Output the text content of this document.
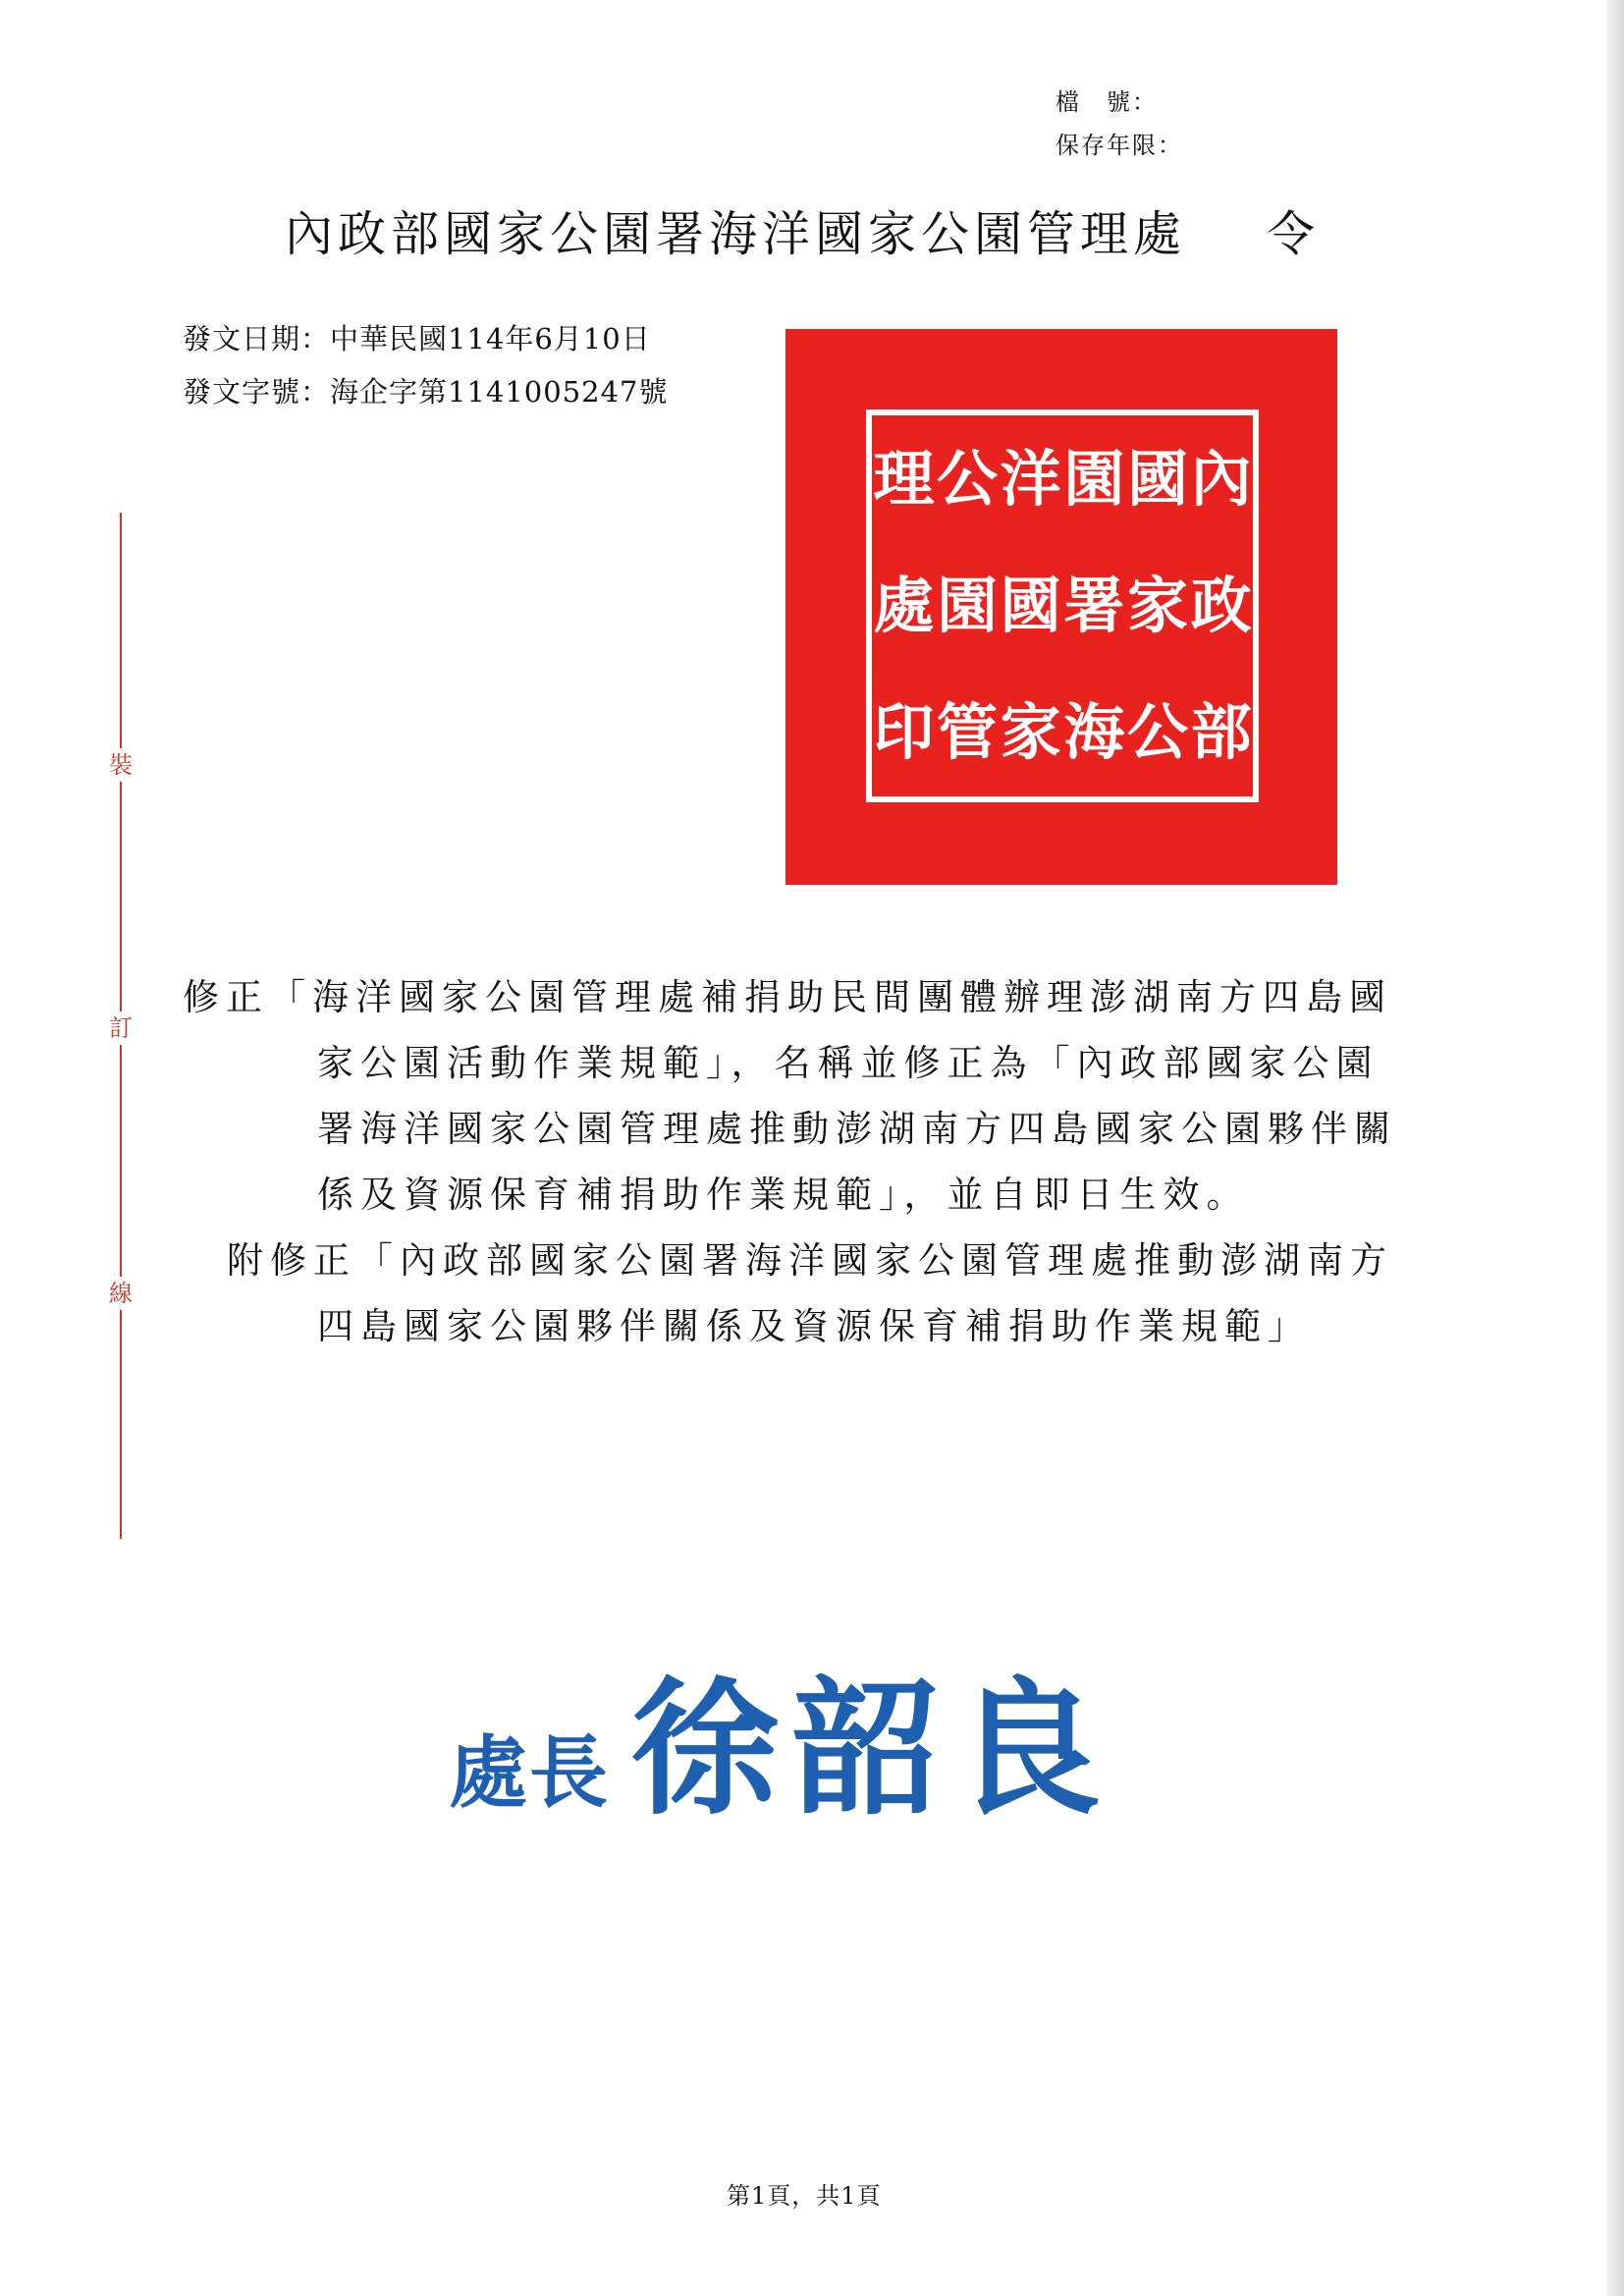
檔　號：
保存年限：
內政部國家公園署海洋國家公園管理處 令
發文日期：中華民國114年6月10日
發文字號：海企字第1141005247號
裝
訂
線
內
政
部
國
家
公
園
署
海
洋
國
家
公
園
管
理
處
印

修正「海洋國家公園管理處補捐助民間團體辦理澎湖南方四島國家公園活動作業規範」，名稱並修正為「內政部國家公園署海洋國家公園管理處推動澎湖南方四島國家公園夥伴關係及資源保育補捐助作業規範」，並自即日生效。

附修正「內政部國家公園署海洋國家公園管理處推動澎湖南方四島國家公園夥伴關係及資源保育補捐助作業規範」

處長 徐韶良
第1頁，共1頁
